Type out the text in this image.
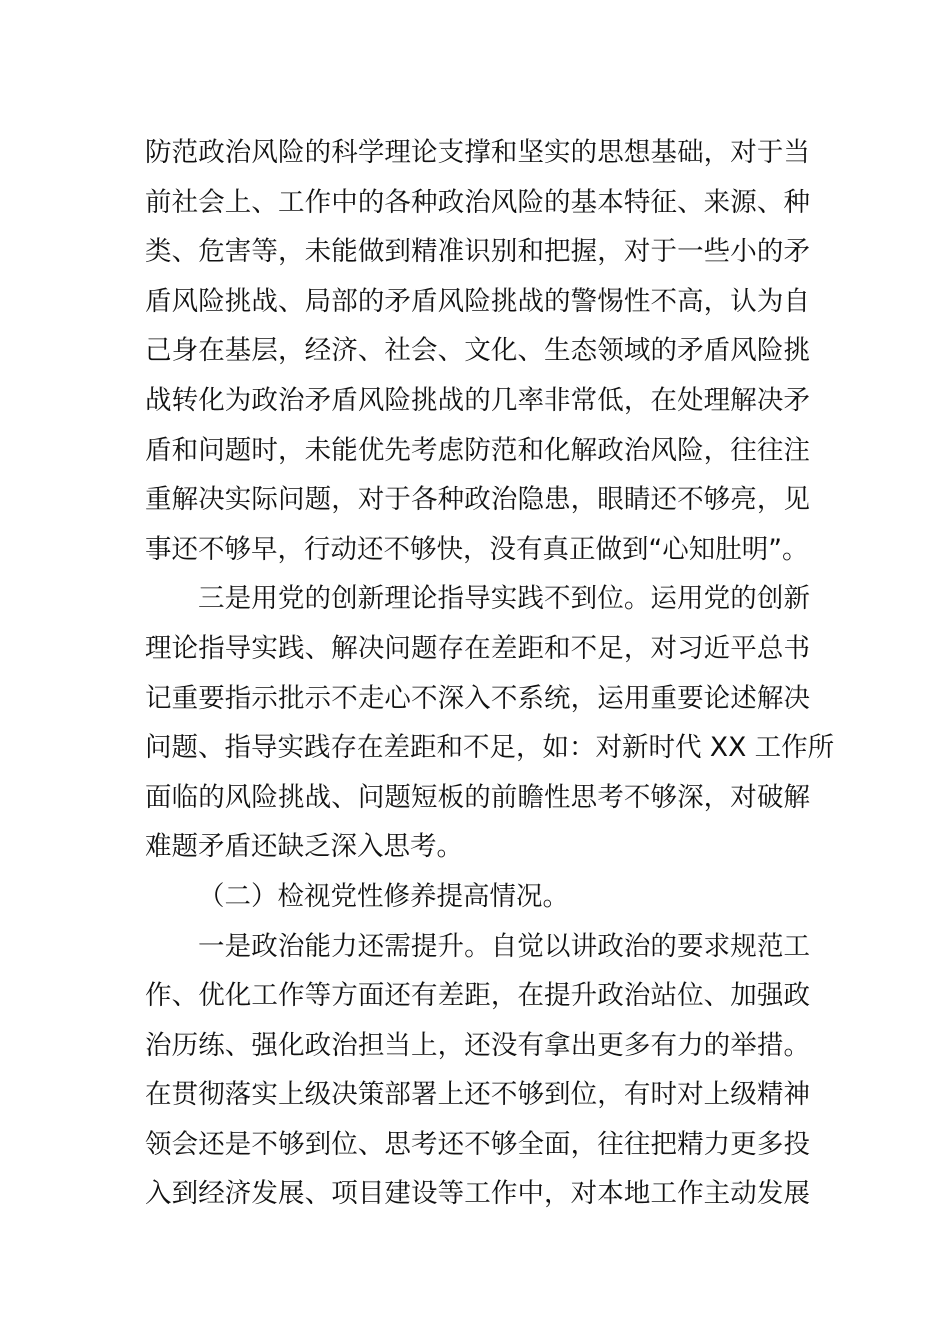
防范政治风险的科学理论支撑和坚实的思想基础，对于当
前社会上、工作中的各种政治风险的基本特征、来源、种
类、危害等，未能做到精准识别和把握，对于一些小的矛
盾风险挑战、局部的矛盾风险挑战的警惕性不高，认为自
己身在基层，经济、社会、文化、生态领域的矛盾风险挑
战转化为政治矛盾风险挑战的几率非常低，在处理解决矛
盾和问题时，未能优先考虑防范和化解政治风险，往往注
重解决实际问题，对于各种政治隐患，眼睛还不够亮，见
事还不够早，行动还不够快，没有真正做到“心知肚明”。
三是用党的创新理论指导实践不到位。运用党的创新
理论指导实践、解决问题存在差距和不足，对习近平总书
记重要指示批示不走心不深入不系统，运用重要论述解决
问题、指导实践存在差距和不足，如：对新时代 XX 工作所
面临的风险挑战、问题短板的前瞻性思考不够深，对破解
难题矛盾还缺乏深入思考。
（二）检视党性修养提高情况。
一是政治能力还需提升。自觉以讲政治的要求规范工
作、优化工作等方面还有差距，在提升政治站位、加强政
治历练、强化政治担当上，还没有拿出更多有力的举措。
在贯彻落实上级决策部署上还不够到位，有时对上级精神
领会还是不够到位、思考还不够全面，往往把精力更多投
入到经济发展、项目建设等工作中，对本地工作主动发展
